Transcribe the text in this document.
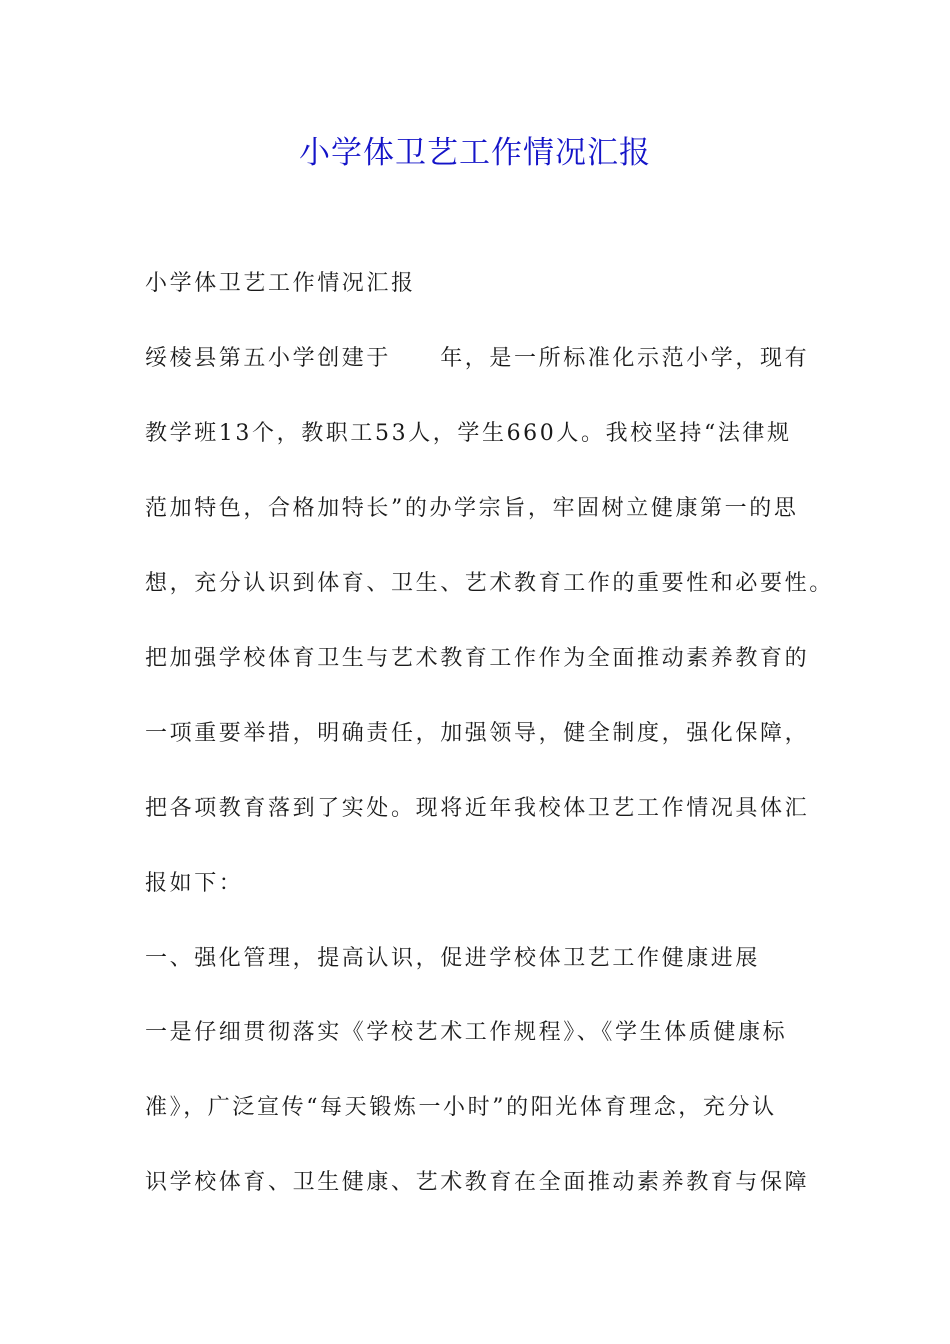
小学体卫艺工作情况汇报

小学体卫艺工作情况汇报

绥棱县第五小学创建于　　年，是一所标准化示范小学，现有

教学班13个，教职工53人，学生660人。我校坚持“法律规

范加特色，合格加特长”的办学宗旨，牢固树立健康第一的思

想，充分认识到体育、卫生、艺术教育工作的重要性和必要性。

把加强学校体育卫生与艺术教育工作作为全面推动素养教育的

一项重要举措，明确责任，加强领导，健全制度，强化保障，

把各项教育落到了实处。现将近年我校体卫艺工作情况具体汇

报如下：

一、强化管理，提高认识，促进学校体卫艺工作健康进展

一是仔细贯彻落实《学校艺术工作规程》、《学生体质健康标

准》，广泛宣传“每天锻炼一小时”的阳光体育理念，充分认

识学校体育、卫生健康、艺术教育在全面推动素养教育与保障
